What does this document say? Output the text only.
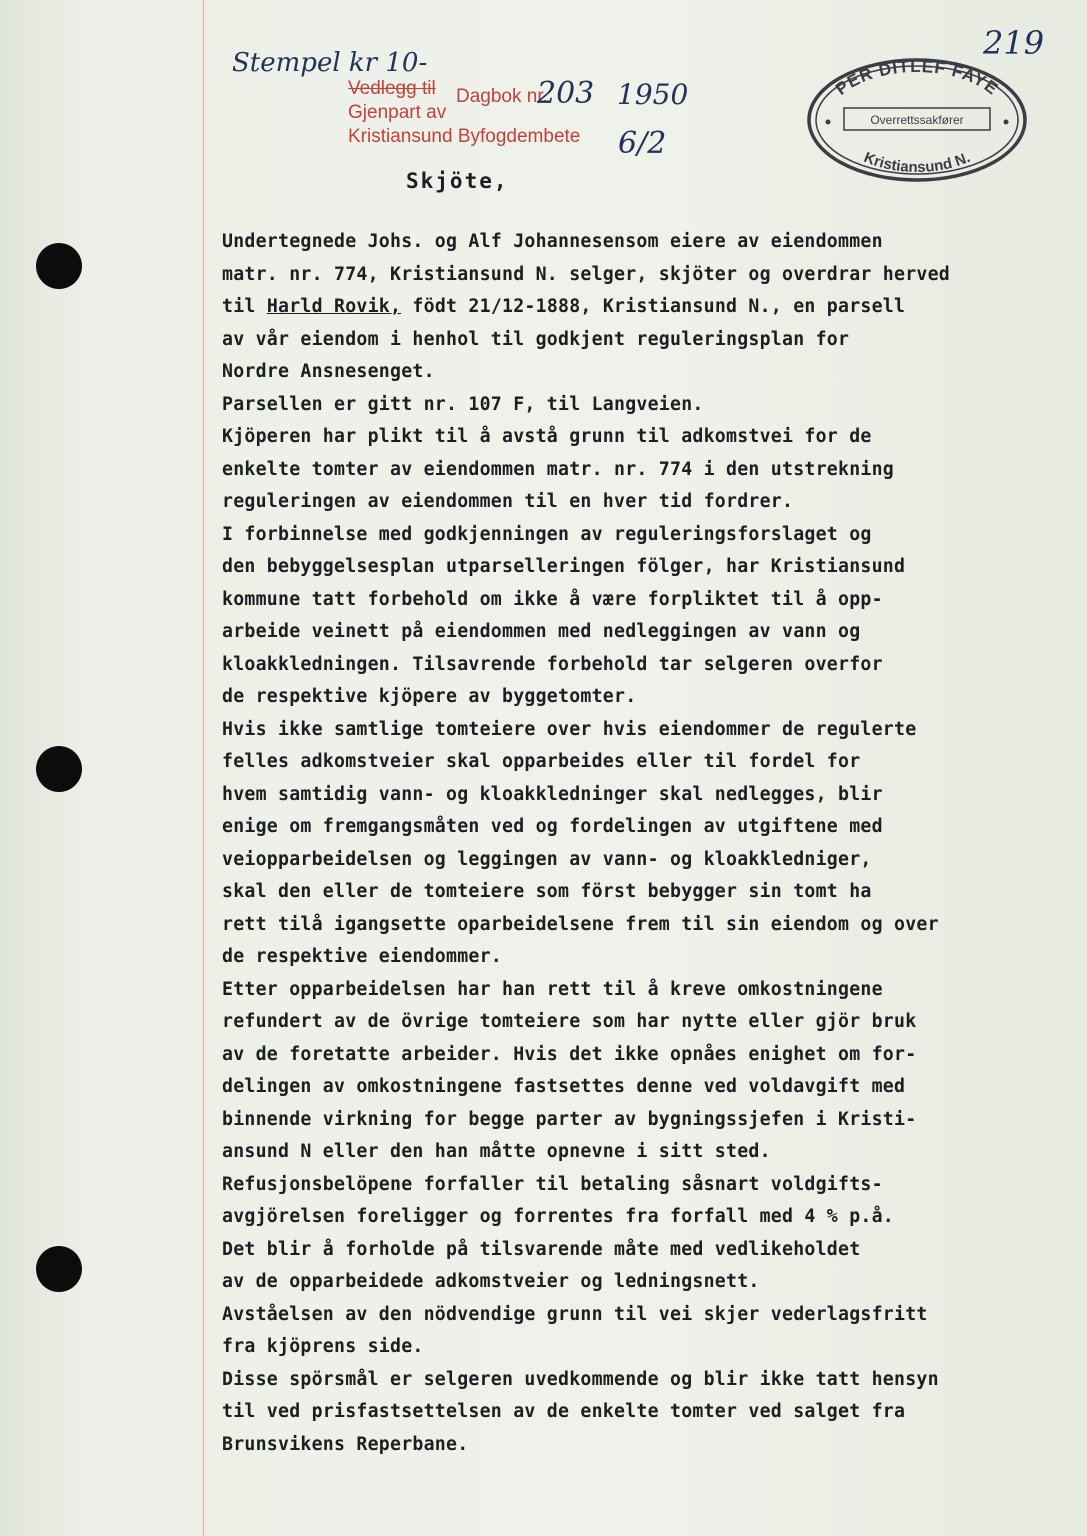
219
Stempel kr 10-
Vedlegg til
Gjenpart av
Kristiansund Byfogdembete
Dagbok nr.
203 1950
6/2
PER DITLEF FAYE
Overrettssakfører
Kristiansund N.
Skjöte,
Undertegnede Johs. og Alf Johannesensom eiere av eiendommen
matr. nr. 774, Kristiansund N. selger, skjöter og overdrar herved
til Harld Rovik, födt 21/12-1888, Kristiansund N., en parsell
av vår eiendom i henhol til godkjent reguleringsplan for
Nordre Ansnesenget.
Parsellen er gitt nr. 107 F, til Langveien.
Kjöperen har plikt til å avstå grunn til adkomstvei for de
enkelte tomter av eiendommen matr. nr. 774 i den utstrekning
reguleringen av eiendommen til en hver tid fordrer.
I forbinnelse med godkjenningen av reguleringsforslaget og
den bebyggelsesplan utparselleringen fölger, har Kristiansund
kommune tatt forbehold om ikke å være forpliktet til å opp-
arbeide veinett på eiendommen med nedleggingen av vann og
kloakkledningen. Tilsavrende forbehold tar selgeren overfor
de respektive kjöpere av byggetomter.
Hvis ikke samtlige tomteiere over hvis eiendommer de regulerte
felles adkomstveier skal opparbeides eller til fordel for
hvem samtidig vann- og kloakkledninger skal nedlegges, blir
enige om fremgangsmåten ved og fordelingen av utgiftene med
veiopparbeidelsen og leggingen av vann- og kloakkledniger,
skal den eller de tomteiere som först bebygger sin tomt ha
rett tilå igangsette oparbeidelsene frem til sin eiendom og over
de respektive eiendommer.
Etter opparbeidelsen har han rett til å kreve omkostningene
refundert av de övrige tomteiere som har nytte eller gjör bruk
av de foretatte arbeider. Hvis det ikke opnåes enighet om for-
delingen av omkostningene fastsettes denne ved voldavgift med
binnende virkning for begge parter av bygningssjefen i Kristi-
ansund N eller den han måtte opnevne i sitt sted.
Refusjonsbelöpene forfaller til betaling såsnart voldgifts-
avgjörelsen foreligger og forrentes fra forfall med 4 % p.å.
Det blir å forholde på tilsvarende måte med vedlikeholdet
av de opparbeidede adkomstveier og ledningsnett.
Avståelsen av den nödvendige grunn til vei skjer vederlagsfritt
fra kjöprens side.
Disse spörsmål er selgeren uvedkommende og blir ikke tatt hensyn
til ved prisfastsettelsen av de enkelte tomter ved salget fra
Brunsvikens Reperbane.
